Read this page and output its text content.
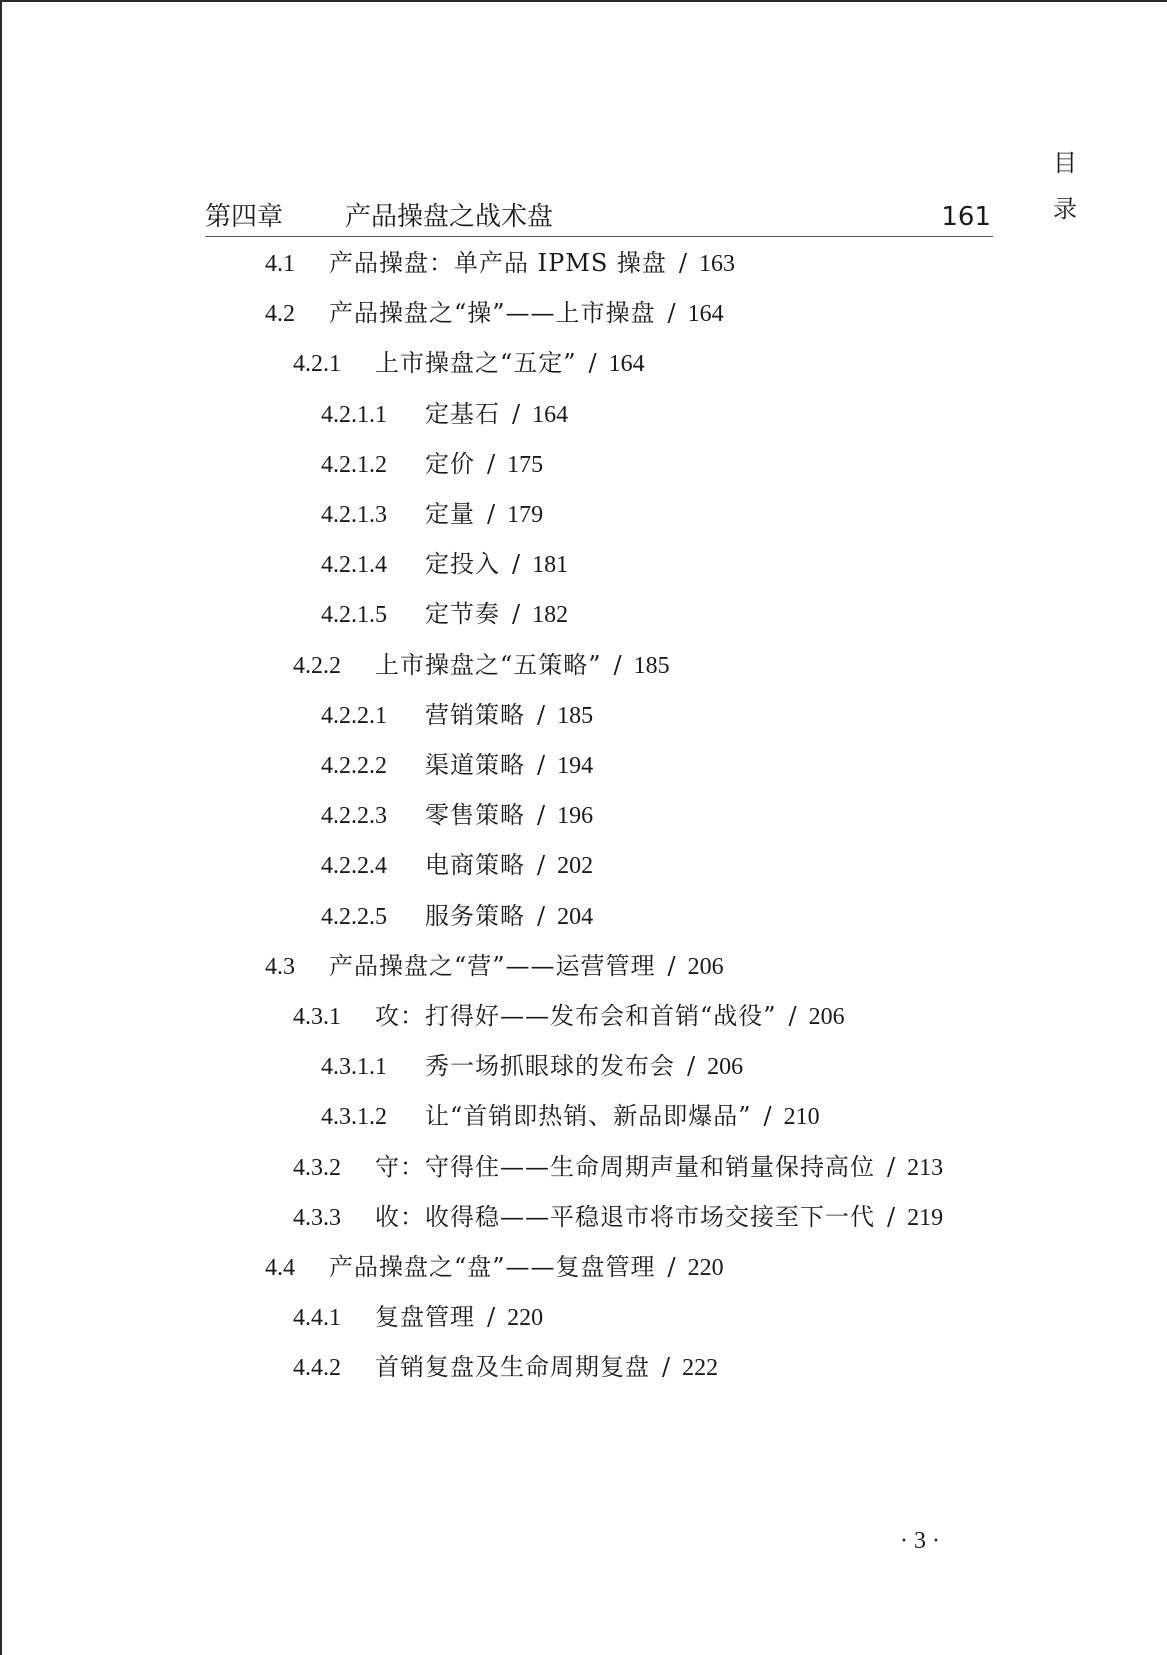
目
录
第四章 产品操盘之战术盘	161
4.1 产品操盘：单产品 IPMS 操盘  /  163
4.2 产品操盘之“操”——上市操盘  /  164
4.2.1 上市操盘之“五定”  /  164
4.2.1.1 定基石  /  164
4.2.1.2 定价  /  175
4.2.1.3 定量  /  179
4.2.1.4 定投入  /  181
4.2.1.5 定节奏  /  182
4.2.2 上市操盘之“五策略”  /  185
4.2.2.1 营销策略  /  185
4.2.2.2 渠道策略  /  194
4.2.2.3 零售策略  /  196
4.2.2.4 电商策略  /  202
4.2.2.5 服务策略  /  204
4.3 产品操盘之“营”——运营管理  /  206
4.3.1 攻：打得好——发布会和首销“战役”  /  206
4.3.1.1 秀一场抓眼球的发布会  /  206
4.3.1.2 让“首销即热销、新品即爆品”  /  210
4.3.2 守：守得住——生命周期声量和销量保持高位  /  213
4.3.3 收：收得稳——平稳退市将市场交接至下一代  /  219
4.4 产品操盘之“盘”——复盘管理  /  220
4.4.1 复盘管理  /  220
4.4.2 首销复盘及生命周期复盘  /  222
· 3 ·
